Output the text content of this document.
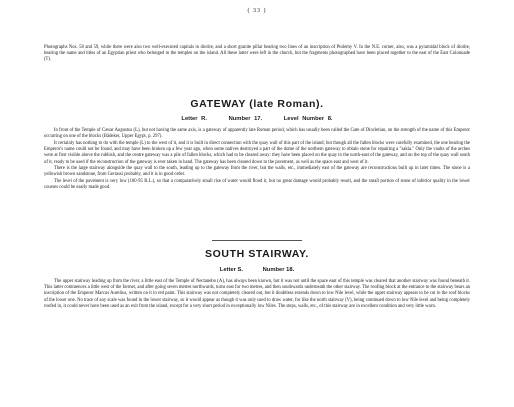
( 33 )

Photographs Nos. 58 and 59, while there were also two well-executed capitals in diorite, and a short granite pillar bearing two lines of an inscription of Ptolemy V. In the N.E. corner, also, was a pyramidal block of diorite, bearing the name and titles of an Egyptian priest who belonged to the temples on the island. All these latter were left in the church, but the fragments photographed have been placed together to the east of the East Colonnade (T).

GATEWAY (late Roman).
Letter R.	Number 17.	Level Number 8.

In front of the Temple of Cæsar Augustus (L), but not having the same axis, is a gateway of apparently late Roman period, which has usually been called the Gate of Diocletian, on the strength of the name of this Emperor occurring on one of the blocks (Bädeker, Upper Egypt, p. 297).

It certainly has nothing to do with the temple (L) to the west of it, and it is built in direct connection with the quay wall of this part of the island; but though all the fallen blocks were carefully examined, the one bearing the Emperor's name could not be found, and may have been broken up a few year ago, when some natives destroyed a part of the dome of the northern gateway to obtain stone for repairing a "sakia." Only the vaults of the arches were at first visible above the rubbish, and the centre gateway was a pile of fallen blocks, which had to be cleared away: they have been placed on the quay to the north-east of the gateway, and on the top of the quay wall south of it, ready to be used if the reconstruction of the gateway is ever taken in hand. The gateway has been cleared down to the pavement, as well as the space east and west of it.

There is the large stairway alongside the quay wall to the south, leading up to the gateway from the river, but the walls, etc., immediately east of the gateway are reconstructions built up in later times. The stone is a yellowish brown sandstone, from Gertassi probably, and it is in good order.

The level of the pavement is very low (100·95 R.L.), so that a comparatively small rise of water would flood it, but no great damage would probably result, and the small portion of stone of inferior quality in the lower courses could be easily made good.

SOUTH STAIRWAY.
Letter S.	Number 18.

The upper stairway leading up from the river, a little east of the Temple of Nectanebo (A), has always been known, but it was not until the space east of this temple was cleared that another stairway was found beneath it. This latter commences a little west of the former, and after going seven metres northwards, turns east for two metres, and then southwards underneath the other stairway. The roofing block at the entrance to the stairway bears an inscription of the Emperor Marcus Aurelius, written on it in red paint. This stairway was not completely cleared out, but it doubtless extends down to low Nile level, while the upper stairway appears to be cut in the roof blocks of the lower one. No trace of any scale was found in the lower stairway, so it would appear as though it was only used to draw water, for like the north stairway (V), being continued down to low Nile level and being completely roofed in, it could never have been used as an exit from the island, except for a very short period in exceptionally low Niles. The steps, walls, etc., of this stairway are in excellent condition and very little worn.
